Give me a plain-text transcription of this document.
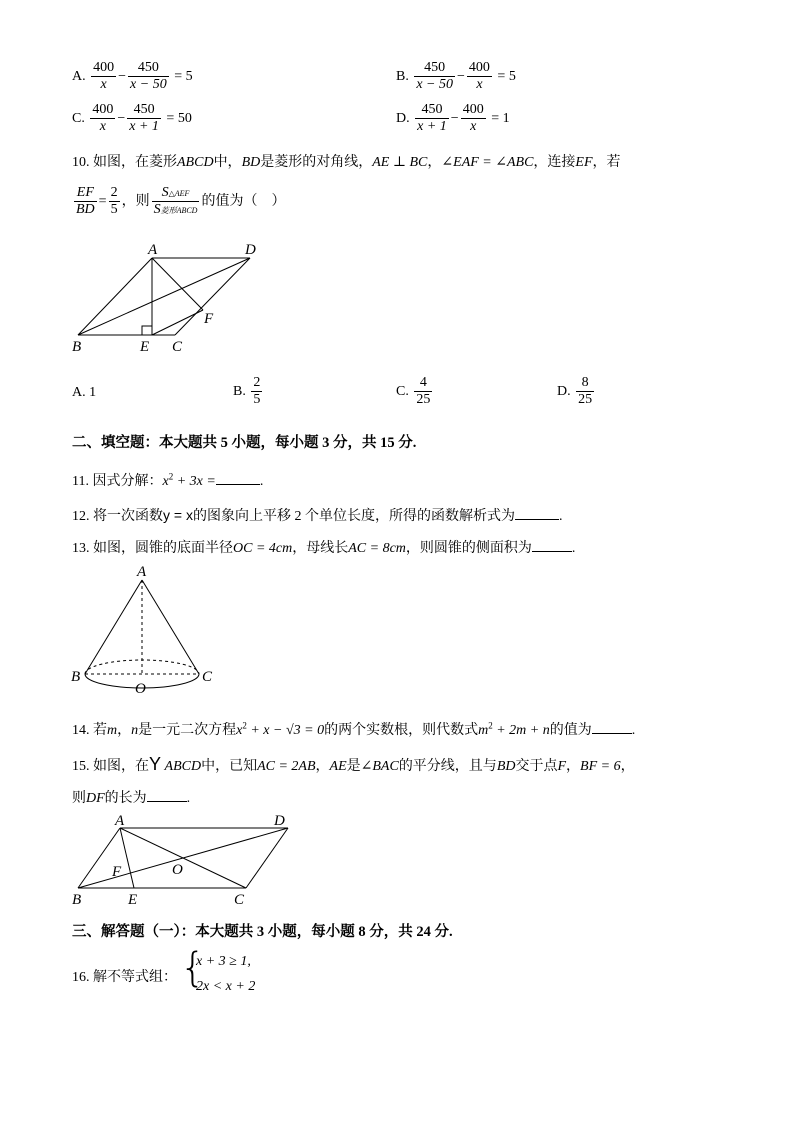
A. $\frac{400}{x} - \frac{450}{x - 50} = 5$	B. $\frac{450}{x - 50} - \frac{400}{x} = 5$
C. $\frac{400}{x} - \frac{450}{x + 1} = 50$	D. $\frac{450}{x + 1} - \frac{400}{x} = 1$
10. 如图，在菱形ABCD中，BD是菱形的对角线，AE ⊥ BC，∠EAF = ∠ABC，连接EF，若
$\frac{EF}{BD} = \frac{2}{5}$ ，则 $\frac{\text{S△AEF}}{\text{S菱形ABCD}}$ 的值为（　）
A	D
B	E C
F
A. 1	B. $\frac{2}{5}$	C. $\frac{4}{25}$	D. $\frac{8}{25}$
二、填空题：本大题共 5 小题，每小题 3 分，共 15 分.
11. 因式分解：$x^2 + 3x$ =	.
12. 将一次函数y = x的图象向上平移 2 个单位长度，所得的函数解析式为	.
13. 如图，圆锥的底面半径OC = 4cm，母线长AC = 8cm，则圆锥的侧面积为	.
A
B	C
O
14. 若m，n是一元二次方程$x^2 + x - √3 = 0$的两个实数根，则代数式$m^2 + 2m + n$的值为	.
15. 如图，在Y ABCD中，已知AC = 2AB，AE是∠BAC的平分线，且与BD交于点F，BF = 6，
则DF的长为	.
A	D
B	E	C
F	O
三、解答题（一）：本大题共 3 小题，每小题 8 分，共 24 分.
16. 解不等式组： {
x + 3 ≥ 1,
2x < x + 2
